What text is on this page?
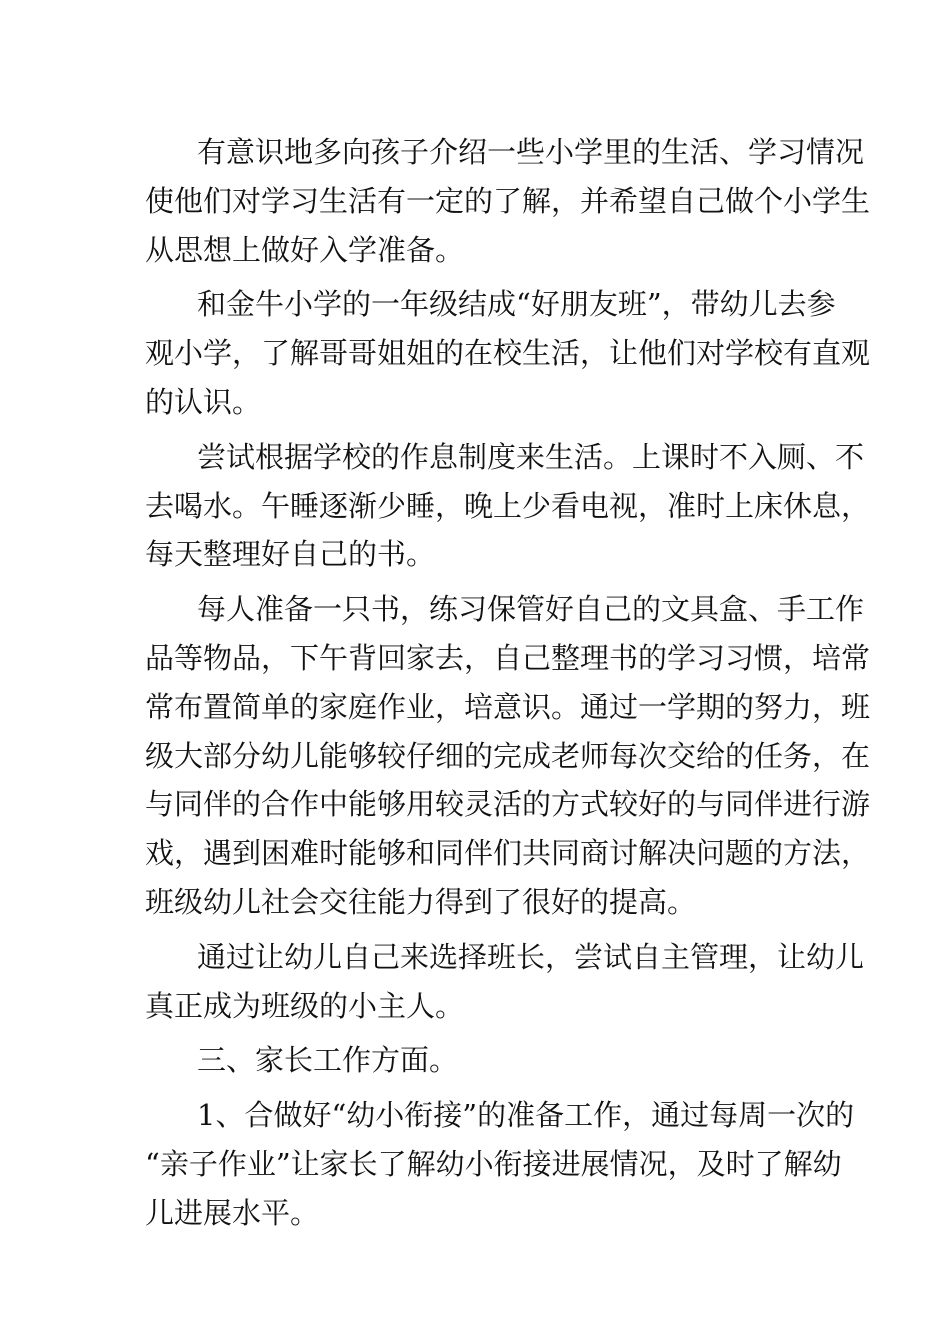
有意识地多向孩子介绍一些小学里的生活、学习情况
使他们对学习生活有一定的了解，并希望自己做个小学生
从思想上做好入学准备。
和金牛小学的一年级结成“好朋友班”，带幼儿去参
观小学，了解哥哥姐姐的在校生活，让他们对学校有直观
的认识。
尝试根据学校的作息制度来生活。上课时不入厕、不
去喝水。午睡逐渐少睡，晚上少看电视，准时上床休息，
每天整理好自己的书。
每人准备一只书，练习保管好自己的文具盒、手工作
品等物品，下午背回家去，自己整理书的学习习惯，培常
常布置简单的家庭作业，培意识。通过一学期的努力，班
级大部分幼儿能够较仔细的完成老师每次交给的任务，在
与同伴的合作中能够用较灵活的方式较好的与同伴进行游
戏，遇到困难时能够和同伴们共同商讨解决问题的方法，
班级幼儿社会交往能力得到了很好的提高。
通过让幼儿自己来选择班长，尝试自主管理，让幼儿
真正成为班级的小主人。
三、家长工作方面。
1、合做好“幼小衔接”的准备工作，通过每周一次的
“亲子作业”让家长了解幼小衔接进展情况，及时了解幼
儿进展水平。
